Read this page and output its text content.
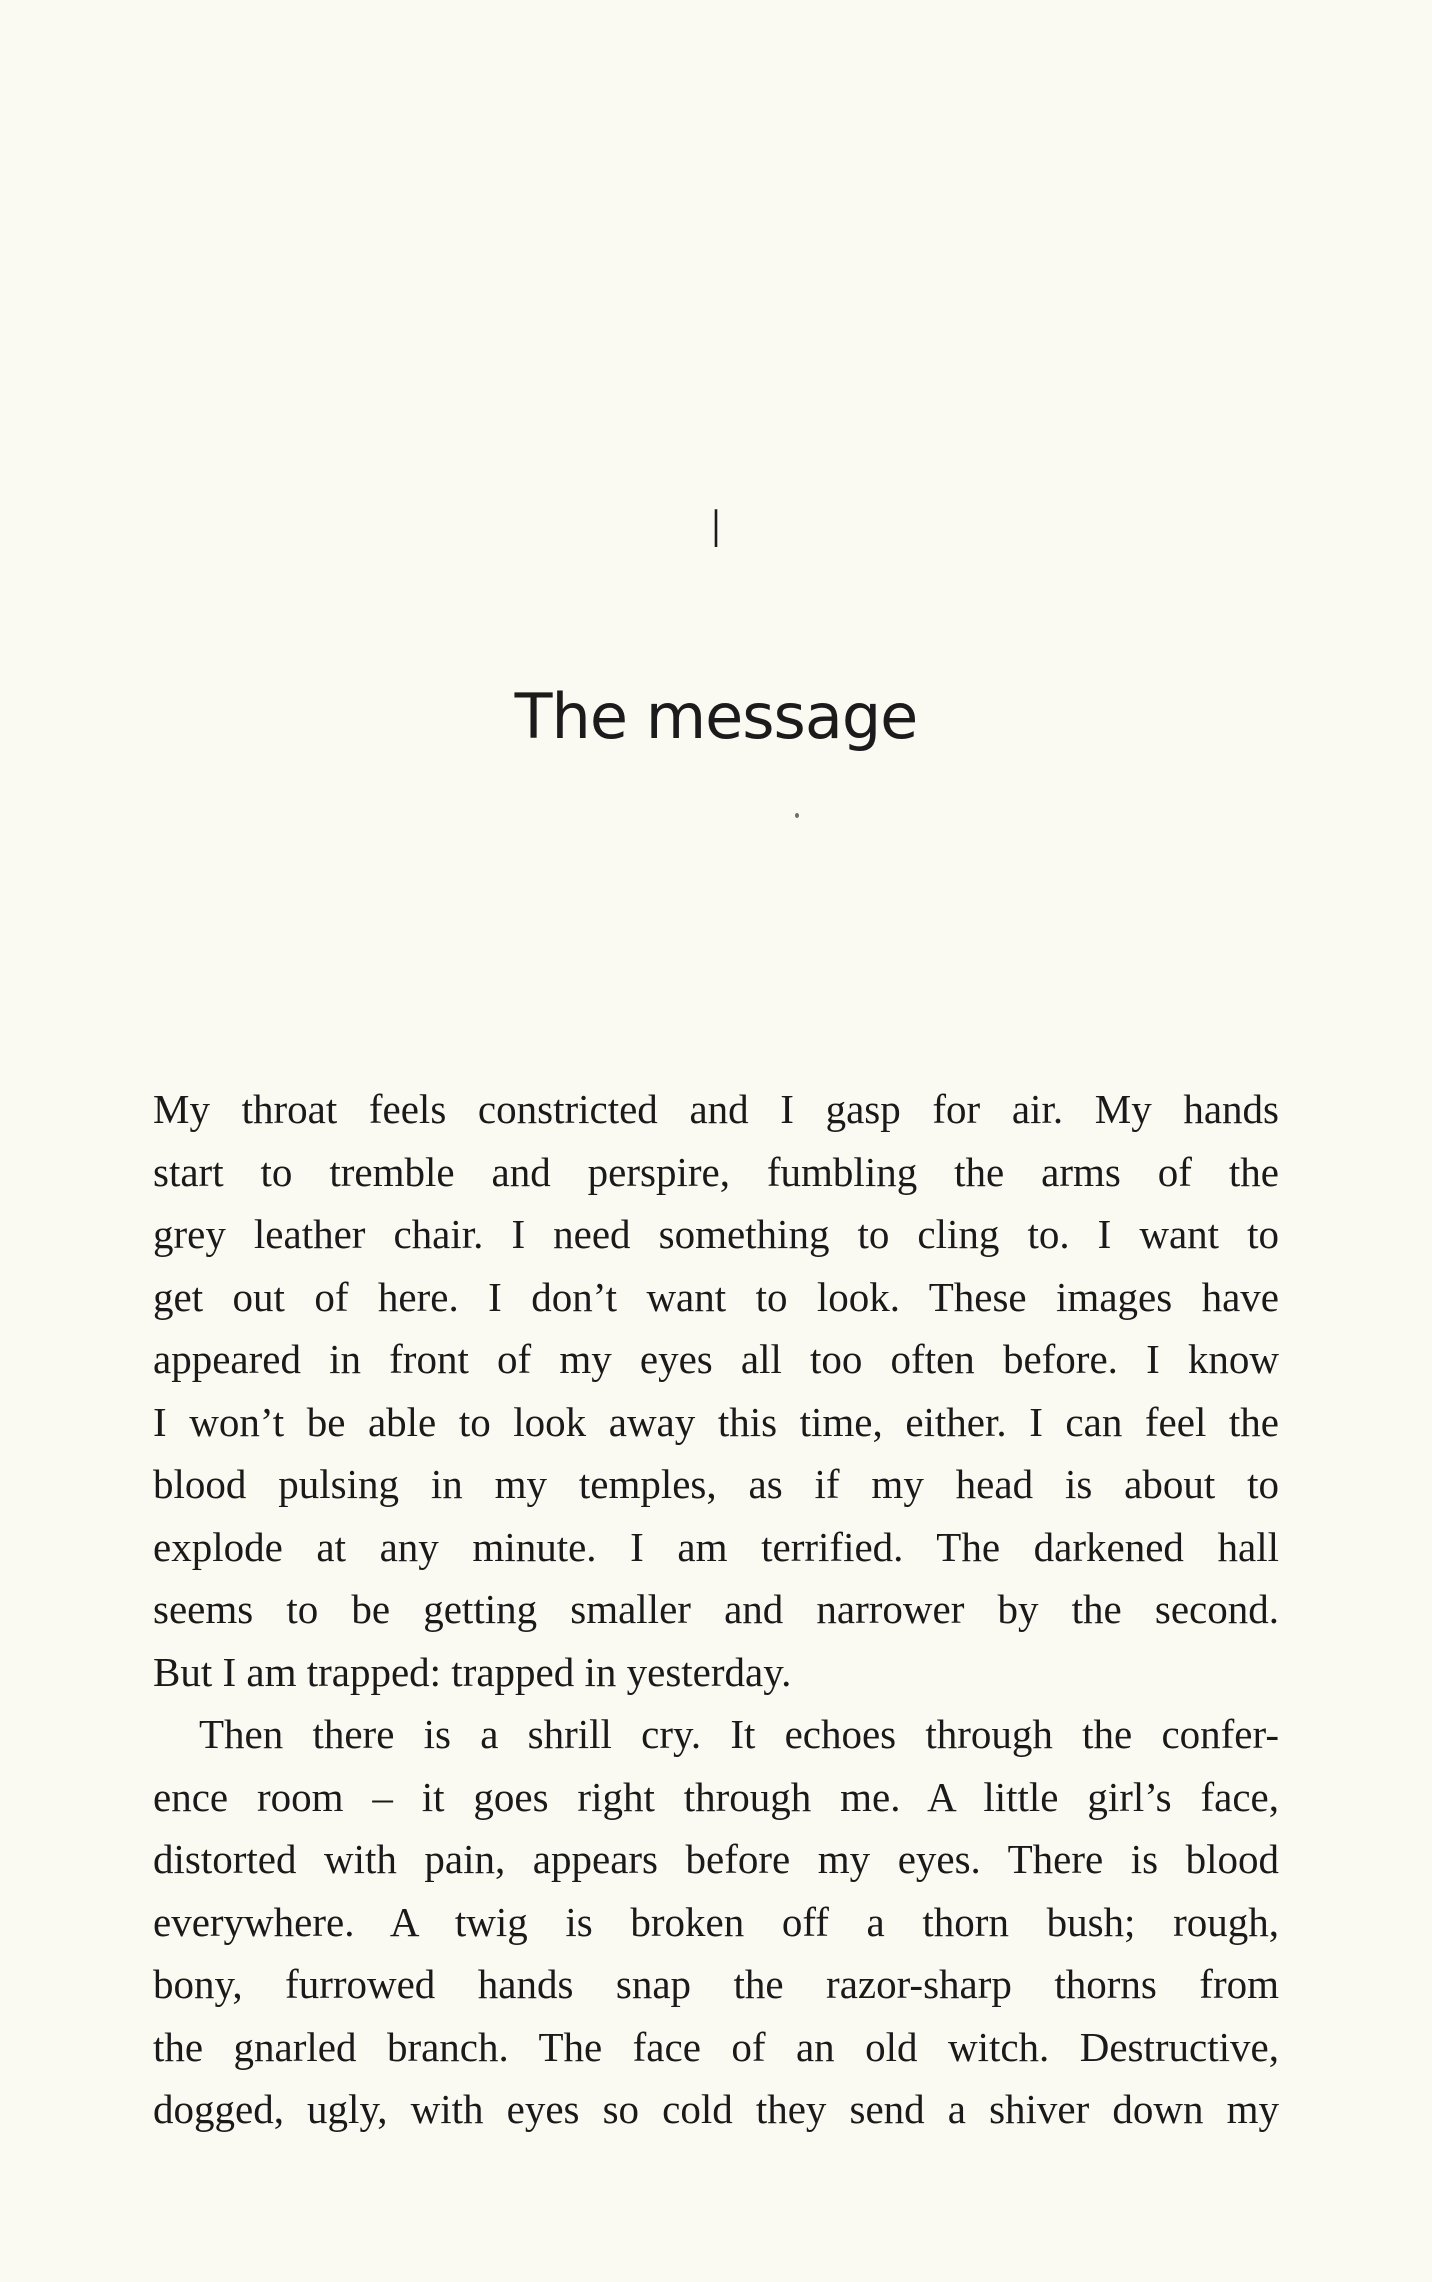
I
The message
My throat feels constricted and I gasp for air. My hands
start to tremble and perspire, fumbling the arms of the
grey leather chair. I need something to cling to. I want to
get out of here. I don’t want to look. These images have
appeared in front of my eyes all too often before. I know
I won’t be able to look away this time, either. I can feel the
blood pulsing in my temples, as if my head is about to
explode at any minute. I am terrified. The darkened hall
seems to be getting smaller and narrower by the second.
But I am trapped: trapped in yesterday.
Then there is a shrill cry. It echoes through the confer-
ence room – it goes right through me. A little girl’s face,
distorted with pain, appears before my eyes. There is blood
everywhere. A twig is broken off a thorn bush; rough,
bony, furrowed hands snap the razor-sharp thorns from
the gnarled branch. The face of an old witch. Destructive,
dogged, ugly, with eyes so cold they send a shiver down my
